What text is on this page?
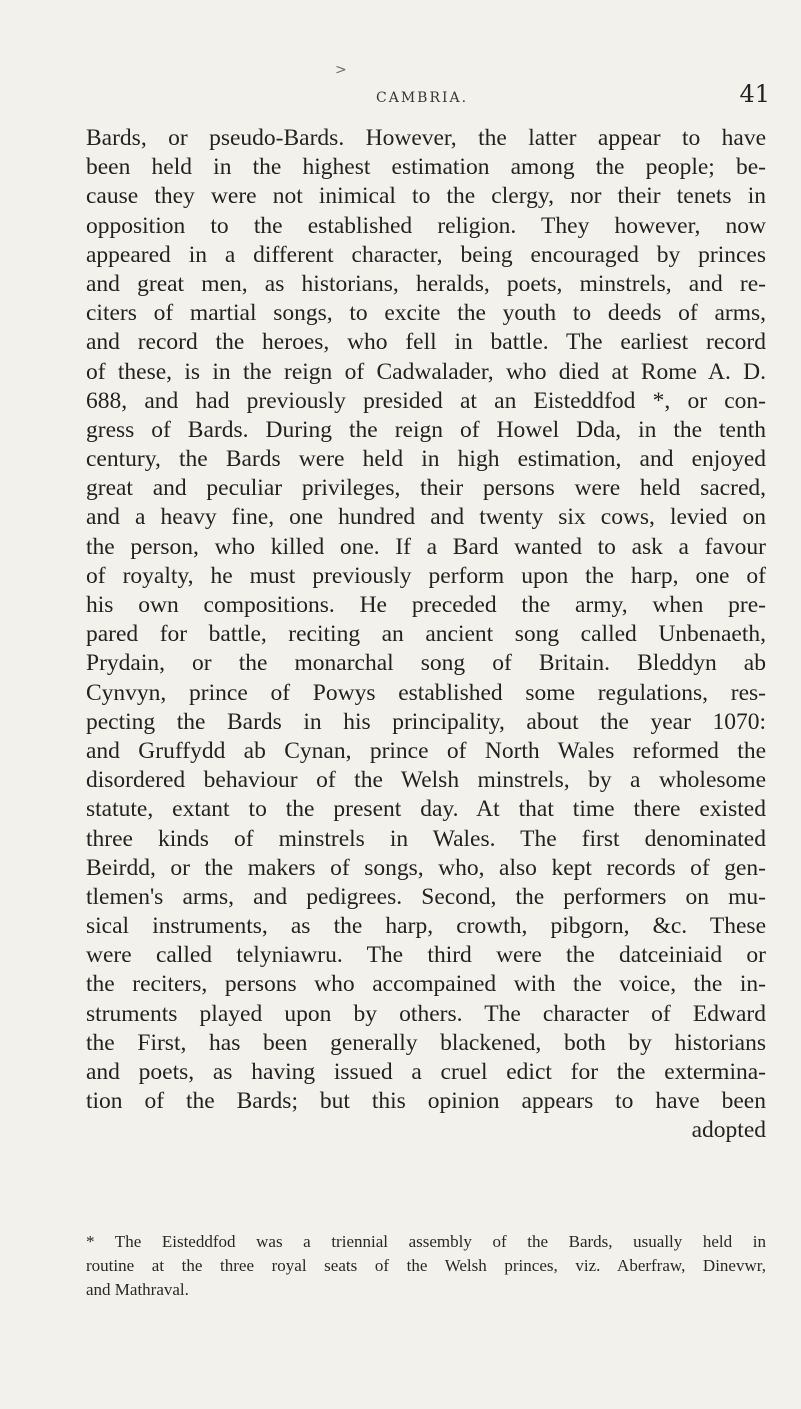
>
CAMBRIA.	41
Bards, or pseudo-Bards. However, the latter appear to have
been held in the highest estimation among the people; be-
cause they were not inimical to the clergy, nor their tenets in
opposition to the established religion. They however, now
appeared in a different character, being encouraged by princes
and great men, as historians, heralds, poets, minstrels, and re-
citers of martial songs, to excite the youth to deeds of arms,
and record the heroes, who fell in battle. The earliest record
of these, is in the reign of Cadwalader, who died at Rome A. D.
688, and had previously presided at an Eisteddfod *, or con-
gress of Bards. During the reign of Howel Dda, in the tenth
century, the Bards were held in high estimation, and enjoyed
great and peculiar privileges, their persons were held sacred,
and a heavy fine, one hundred and twenty six cows, levied on
the person, who killed one. If a Bard wanted to ask a favour
of royalty, he must previously perform upon the harp, one of
his own compositions. He preceded the army, when pre-
pared for battle, reciting an ancient song called Unbenaeth,
Prydain, or the monarchal song of Britain. Bleddyn ab
Cynvyn, prince of Powys established some regulations, res-
pecting the Bards in his principality, about the year 1070:
and Gruffydd ab Cynan, prince of North Wales reformed the
disordered behaviour of the Welsh minstrels, by a wholesome
statute, extant to the present day. At that time there existed
three kinds of minstrels in Wales. The first denominated
Beirdd, or the makers of songs, who, also kept records of gen-
tlemen's arms, and pedigrees. Second, the performers on mu-
sical instruments, as the harp, crowth, pibgorn, &c. These
were called telyniawru. The third were the datceiniaid or
the reciters, persons who accompained with the voice, the in-
struments played upon by others. The character of Edward
the First, has been generally blackened, both by historians
and poets, as having issued a cruel edict for the extermina-
tion of the Bards; but this opinion appears to have been
adopted
* The Eisteddfod was a triennial assembly of the Bards, usually held in
routine at the three royal seats of the Welsh princes, viz. Aberfraw, Dinevwr,
and Mathraval.
